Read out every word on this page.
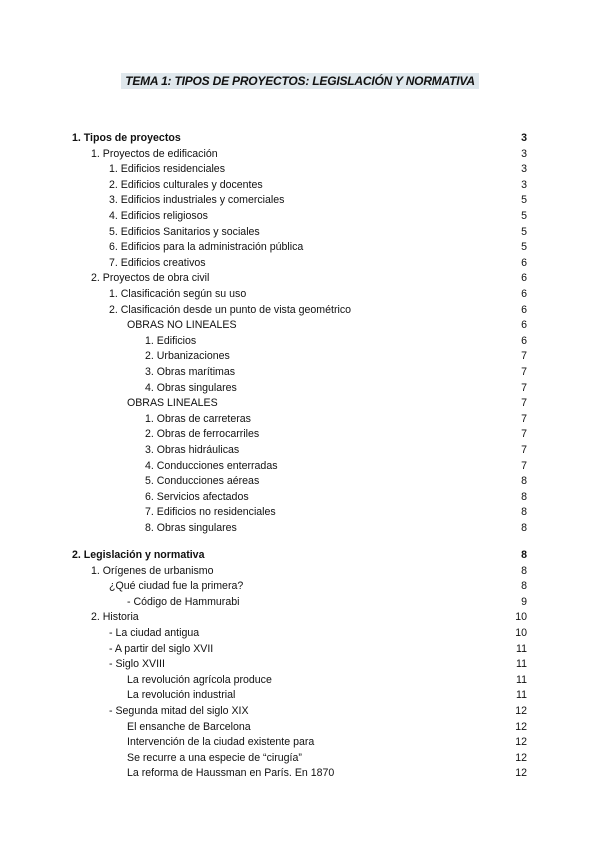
TEMA 1: TIPOS DE PROYECTOS: LEGISLACIÓN Y NORMATIVA
1. Tipos de proyectos	3
1. Proyectos de edificación	3
1. Edificios residenciales	3
2. Edificios culturales y docentes	3
3. Edificios industriales y comerciales	5
4. Edificios religiosos	5
5. Edificios Sanitarios y sociales	5
6. Edificios para la administración pública	5
7. Edificios creativos	6
2. Proyectos de obra civil	6
1. Clasificación según su uso	6
2. Clasificación desde un punto de vista geométrico	6
OBRAS NO LINEALES	6
1. Edificios	6
2. Urbanizaciones	7
3. Obras marítimas	7
4. Obras singulares	7
OBRAS LINEALES	7
1. Obras de carreteras	7
2. Obras de ferrocarriles	7
3. Obras hidráulicas	7
4. Conducciones enterradas	7
5. Conducciones aéreas	8
6. Servicios afectados	8
7. Edificios no residenciales	8
8. Obras singulares	8
2. Legislación y normativa	8
1. Orígenes de urbanismo	8
¿Qué ciudad fue la primera?	8
- Código de Hammurabi	9
2. Historia	10
- La ciudad antigua	10
- A partir del siglo XVII	11
- Siglo XVIII	11
La revolución agrícola produce	11
La revolución industrial	11
- Segunda mitad del siglo XIX	12
El ensanche de Barcelona	12
Intervención de la ciudad existente para	12
Se recurre a una especie de “cirugía”	12
La reforma de Haussman en París. En 1870	12
